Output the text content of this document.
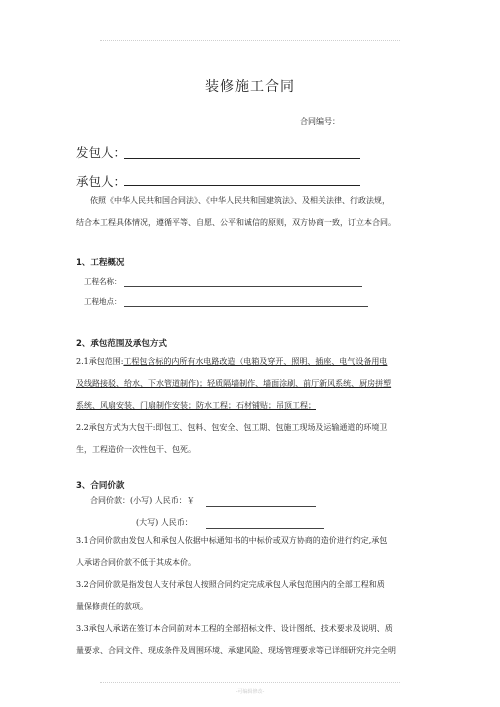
装修施工合同
合同编号：
发包人：
承包人：
依照《中华人民共和国合同法》、《中华人民共和国建筑法》、及相关法律、行政法规，
结合本工程具体情况，遵循平等、自愿、公平和诚信的原则，双方协商一致，订立本合同。
1、工程概况
工程名称：
工程地点：
2、承包范围及承包方式
2.1承包范围:工程包含标的内所有水电路改造（电箱及穿开、照明、插座、电气设备用电
及线路接驳、给水、下水管道制作)；轻质隔墙制作、墙面涂刷、前厅新风系统、厨房拼塑
系统、风扇安装、门扇制作安装；防水工程；石材铺贴；吊顶工程；
2.2承包方式为大包干:即包工、包料、包安全、包工期、包施工现场及运输通道的环境卫
生，工程造价一次性包干、包死。
3、合同价款
合同价款：(小写) 人民币：￥
(大写) 人民币：
3.1合同价款由发包人和承包人依据中标通知书的中标价或双方协商的造价进行约定,承包
人承诺合同价款不低于其成本价。
3.2合同价款是指发包人支付承包人按照合同约定完成承包人承包范围内的全部工程和质
量保修责任的款项。
3.3承包人承诺在签订本合同前对本工程的全部招标文件、设计图纸、技术要求及说明、质
量要求、合同文件、现成条件及周围环境、承建风险、现场管理要求等已详细研究并完全明
-可编辑修改-
